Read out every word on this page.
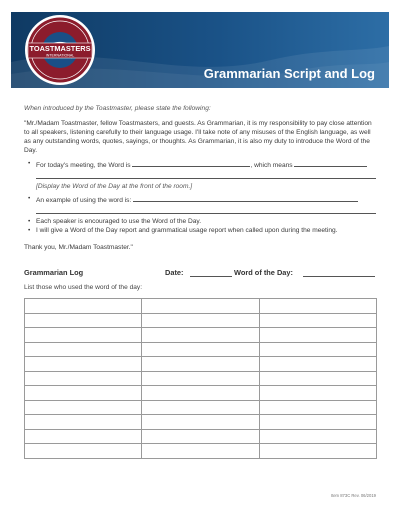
Grammarian Script and Log
TOASTMASTERS
INTERNATIONAL

When introduced by the Toastmaster, please state the following:

"Mr./Madam Toastmaster, fellow Toastmasters, and guests. As Grammarian, it is my responsibility to pay close attention to all speakers, listening carefully to their language usage. I'll take note of any misuses of the English language, as well as any outstanding words, quotes, sayings, or thoughts. As Grammarian, it is also my duty to introduce the Word of the Day.

• For today's meeting, the Word is	, which means

[Display the Word of the Day at the front of the room.]

• An example of using the word is:

• Each speaker is encouraged to use the Word of the Day.

• I will give a Word of the Day report and grammatical usage report when called upon during the meeting.

Thank you, Mr./Madam Toastmaster."

Grammarian Log	Date:	Word of the Day:
List those who used the word of the day:

Item 873C Rev. 06/2019
